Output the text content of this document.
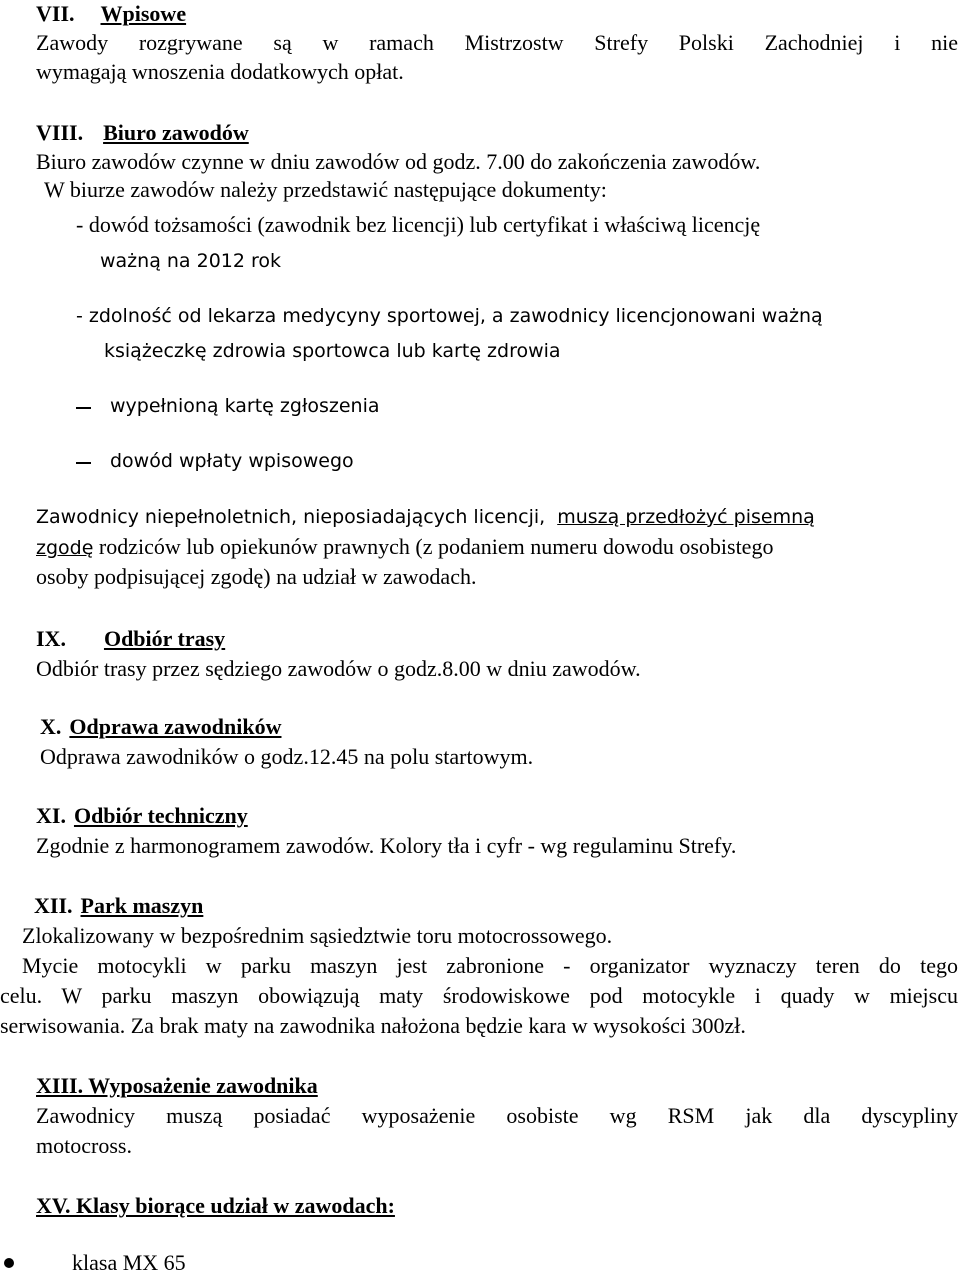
VII. Wpisowe
Zawody rozgrywane są w ramach Mistrzostw Strefy Polski Zachodniej i nie
wymagają wnoszenia dodatkowych opłat.
VIII. Biuro zawodów
Biuro zawodów czynne w dniu zawodów od godz. 7.00 do zakończenia zawodów.
W biurze zawodów należy przedstawić następujące dokumenty:
- dowód tożsamości (zawodnik bez licencji) lub certyfikat i właściwą licencję
ważną na 2012 rok
- zdolność od lekarza medycyny sportowej, a zawodnicy licencjonowani ważną
książeczkę zdrowia sportowca lub kartę zdrowia
wypełnioną kartę zgłoszenia
dowód wpłaty wpisowego
Zawodnicy niepełnoletnich, nieposiadających licencji, muszą przedłożyć pisemną
zgodę rodziców lub opiekunów prawnych (z podaniem numeru dowodu osobistego
osoby podpisującej zgodę) na udział w zawodach.
IX. Odbiór trasy
Odbiór trasy przez sędziego zawodów o godz.8.00 w dniu zawodów.
X. Odprawa zawodników
Odprawa zawodników o godz.12.45 na polu startowym.
XI. Odbiór techniczny
Zgodnie z harmonogramem zawodów. Kolory tła i cyfr - wg regulaminu Strefy.
XII. Park maszyn
Zlokalizowany w bezpośrednim sąsiedztwie toru motocrossowego.
Mycie motocykli w parku maszyn jest zabronione - organizator wyznaczy teren do tego
celu. W parku maszyn obowiązują maty środowiskowe pod motocykle i quady w miejscu
serwisowania. Za brak maty na zawodnika nałożona będzie kara w wysokości 300zł.
XIII. Wyposażenie zawodnika
Zawodnicy muszą posiadać wyposażenie osobiste wg RSM jak dla dyscypliny
motocross.
XV. Klasy biorące udział w zawodach:
klasa MX 65
